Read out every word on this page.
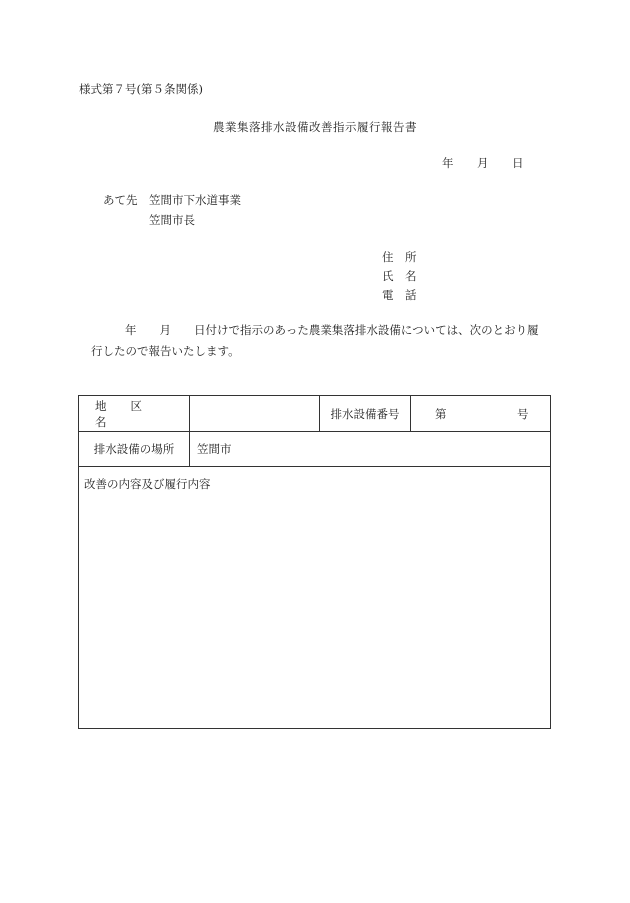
様式第７号(第５条関係)
農業集落排水設備改善指示履行報告書
年 月 日
あて先 笠間市下水道事業
笠間市長
住　所
氏　名
電　話
年　　月　　日付けで指示のあった農業集落排水設備については、次のとおり履
行したので報告いたします。
地区名
排水設備番号	第	号
排水設備の場所 笠間市
改善の内容及び履行内容
